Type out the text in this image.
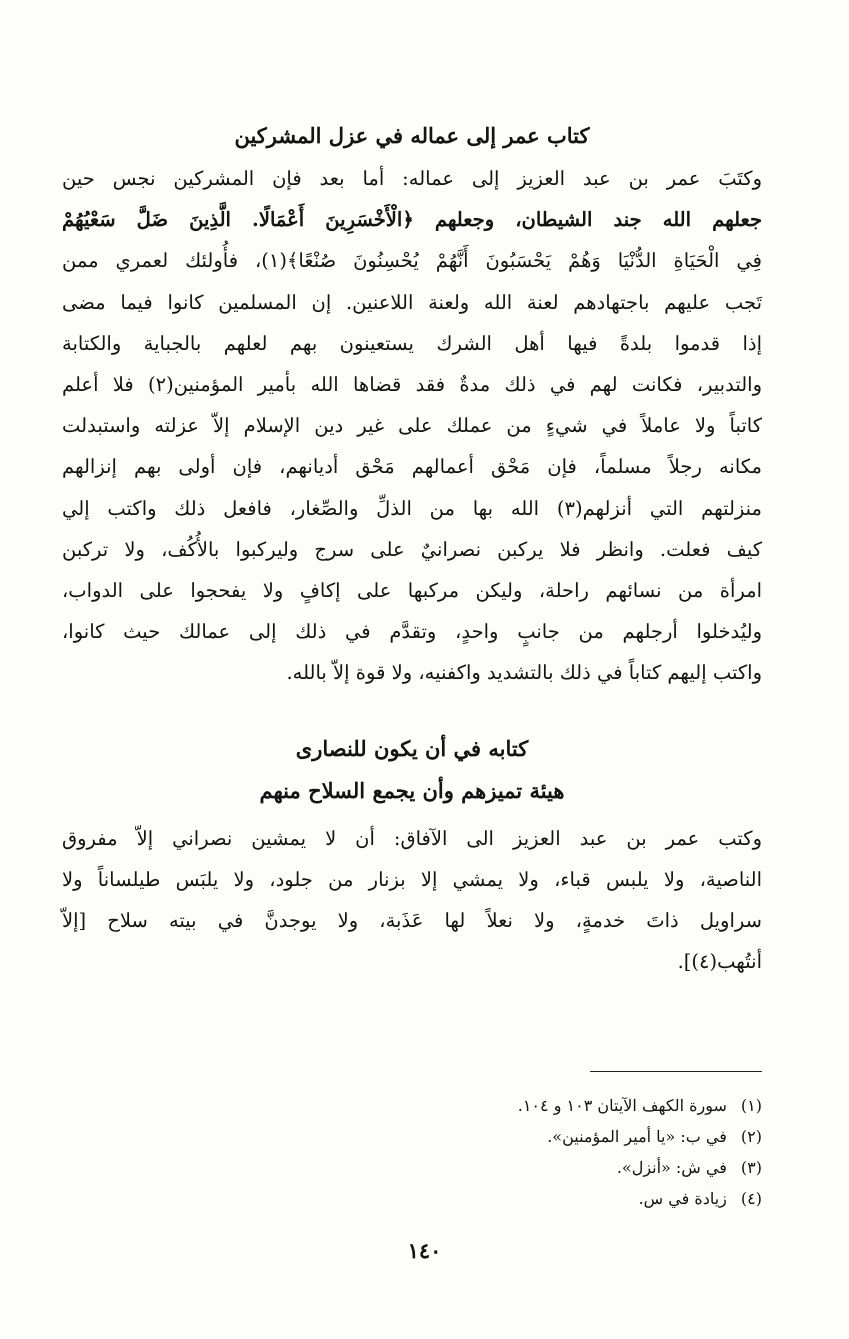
كتاب عمر إلى عماله في عزل المشركين

وكتَبَ عمر بن عبد العزيز إلى عماله: أما بعد فإن المشركين نجس حين
جعلهم الله جند الشيطان، وجعلهم ﴿الْأَخْسَرِينَ أَعْمَالًا. الَّذِينَ ضَلَّ سَعْيُهُمْ
فِي الْحَيَاةِ الدُّنْيَا وَهُمْ يَحْسَبُونَ أَنَّهُمْ يُحْسِنُونَ صُنْعًا﴾(١)، فأُولئك لعمري ممن
تَجب عليهم باجتهادهم لعنة الله ولعنة اللاعنين. إن المسلمين كانوا فيما مضى
إذا قدموا بلدةً فيها أهل الشرك يستعينون بهم لعلهم بالجباية والكتابة
والتدبير، فكانت لهم في ذلك مدةٌ فقد قضاها الله بأمير المؤمنين(٢) فلا أعلم
كاتباً ولا عاملاً في شيءٍ من عملك على غير دين الإسلام إلاّ عزلته واستبدلت
مكانه رجلاً مسلماً، فإن مَحْق أعمالهم مَحْق أديانهم، فإن أولى بهم إنزالهم
منزلتهم التي أنزلهم(٣) الله بها من الذلِّ والصِّغار، فافعل ذلك واكتب إلي
كيف فعلت. وانظر فلا يركبن نصرانيٌ على سرج وليركبوا بالأُكُف، ولا تركبن
امرأة من نسائهم راحلة، وليكن مركبها على إكافٍ ولا يفحجوا على الدواب،
وليُدخلوا أرجلهم من جانبٍ واحدٍ، وتقدَّم في ذلك إلى عمالك حيث كانوا،
واكتب إليهم كتاباً في ذلك بالتشديد واكفنيه، ولا قوة إلاّ بالله.

كتابه في أن يكون للنصارى
هيئة تميزهم وأن يجمع السلاح منهم

وكتب عمر بن عبد العزيز الى الآفاق: أن لا يمشين نصراني إلاّ مفروق
الناصية، ولا يلبس قباء، ولا يمشي إلا بزنار من جلود، ولا يلبَس طيلساناً ولا
سراويل ذاتَ خدمةٍ، ولا نعلاً لها عَذَبة، ولا يوجدنَّ في بيته سلاح [إلاّ
أنتُهب(٤)].

(١) سورة الكهف الآيتان ١٠٣ و ١٠٤.
(٢) في ب: «يا أمير المؤمنين».
(٣) في ش: «أنزل».
(٤) زيادة في س.
١٤٠
